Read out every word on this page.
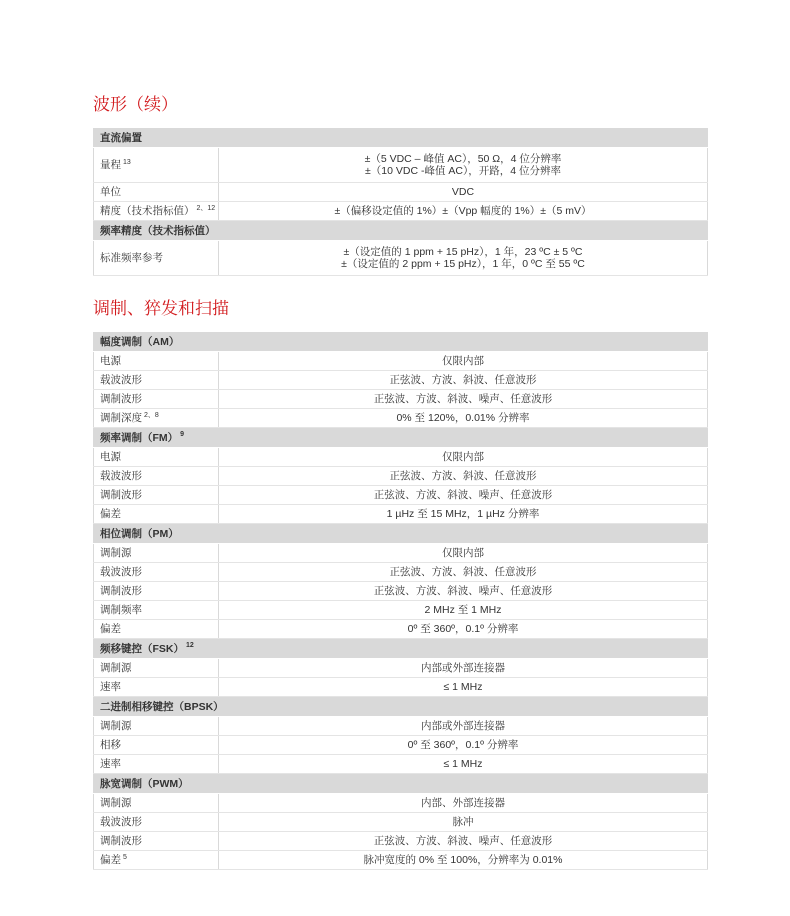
波形（续）
直流偏置	
量程 $^{13}$	±（5 VDC – 峰值 AC），50 Ω，4 位分辨率
±（10 VDC -峰值 AC），开路，4 位分辨率

单位	VDC

精度（技术指标值） $^{2、12}$	±（偏移设定值的 1%）±（Vpp 幅度的 1%）±（5 mV）

频率精度（技术指标值）	
标准频率参考	±（设定值的 1 ppm + 15 pHz），1 年，23 ºC ± 5 ºC
±（设定值的 2 ppm + 15 pHz），1 年，0 ºC 至 55 ºC
调制、猝发和扫描
幅度调制（AM）	
电源	仅限内部

载波波形	正弦波、方波、斜波、任意波形

调制波形	正弦波、方波、斜波、噪声、任意波形

调制深度 $^{2、8}$	0% 至 120%，0.01% 分辨率

频率调制（FM） $^9$
电源	仅限内部

载波波形	正弦波、方波、斜波、任意波形

调制波形	正弦波、方波、斜波、噪声、任意波形

偏差	1 µHz 至 15 MHz，1 µHz 分辨率

相位调制（PM）	
调制源	仅限内部

载波波形	正弦波、方波、斜波、任意波形

调制波形	正弦波、方波、斜波、噪声、任意波形

调制频率	2 MHz 至 1 MHz

偏差	0º 至 360º，0.1º 分辨率

频移键控（FSK） $^{12}$
调制源	内部或外部连接器

速率	≤ 1 MHz

二进制相移键控（BPSK）	
调制源	内部或外部连接器

相移	0º 至 360º，0.1º 分辨率

速率	≤ 1 MHz

脉宽调制（PWM）	
调制源	内部、外部连接器

载波波形	脉冲

调制波形	正弦波、方波、斜波、噪声、任意波形

偏差 $^5$	脉冲宽度的 0% 至 100%，分辨率为 0.01%
